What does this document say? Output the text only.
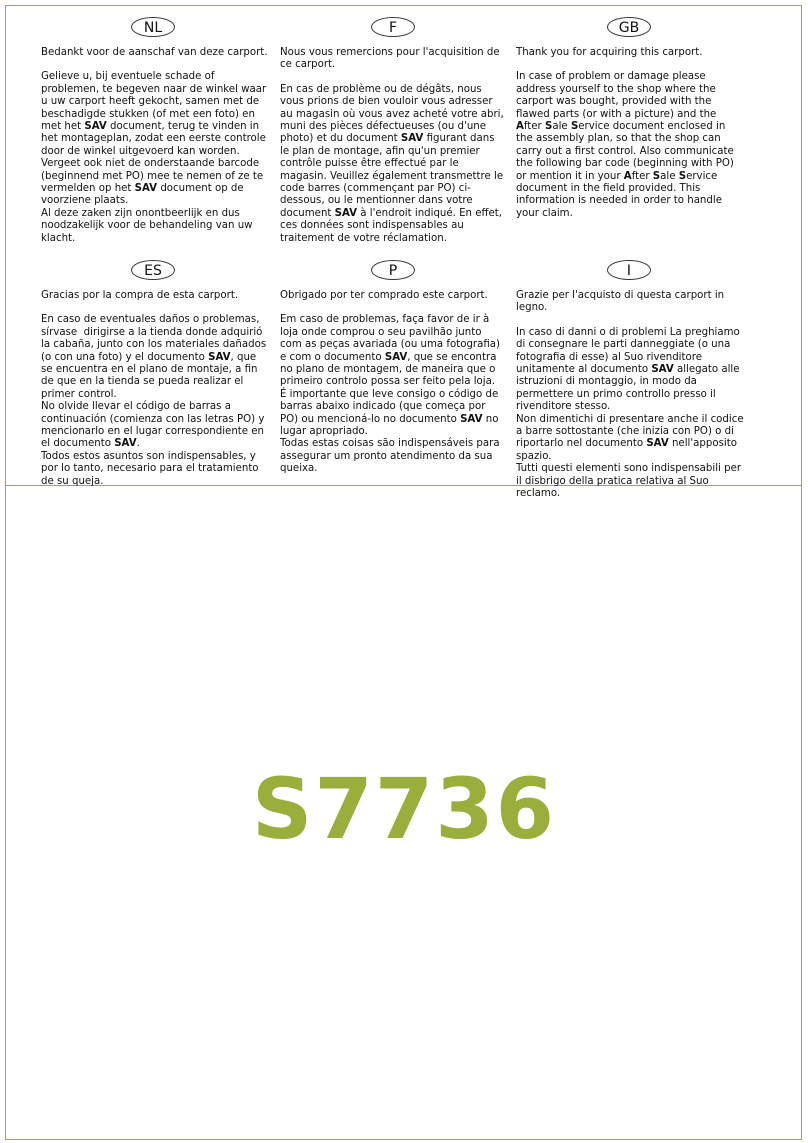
NL

Bedankt voor de aanschaf van deze carport.

Gelieve u, bij eventuele schade of problemen, te begeven naar de winkel waar u uw carport heeft gekocht, samen met de beschadigde stukken (of met een foto) en met het SAV document, terug te vinden in het montageplan, zodat een eerste controle door de winkel uitgevoerd kan worden. Vergeet ook niet de onderstaande barcode (beginnend met PO) mee te nemen of ze te vermelden op het SAV document op de voorziene plaats.
Al deze zaken zijn onontbeerlijk en dus noodzakelijk voor de behandeling van uw klacht.

F

Nous vous remercions pour l'acquisition de ce carport.

En cas de problème ou de dégâts, nous vous prions de bien vouloir vous adresser au magasin où vous avez acheté votre abri, muni des pièces défectueuses (ou d'une photo) et du document SAV figurant dans le plan de montage, afin qu'un premier contrôle puisse être effectué par le magasin. Veuillez également transmettre le code barres (commençant par PO) ci-dessous, ou le mentionner dans votre document SAV à l'endroit indiqué. En effet, ces données sont indispensables au traitement de votre réclamation.

GB

Thank you for acquiring this carport.

In case of problem or damage please address yourself to the shop where the carport was bought, provided with the flawed parts (or with a picture) and the After Sale Service document enclosed in the assembly plan, so that the shop can carry out a first control. Also communicate the following bar code (beginning with PO) or mention it in your After Sale Service document in the field provided. This information is needed in order to handle your claim.

ES

Gracias por la compra de esta carport.

En caso de eventuales daños o problemas, sírvase  dirigirse a la tienda donde adquirió la cabaña, junto con los materiales dañados (o con una foto) y el documento SAV, que se encuentra en el plano de montaje, a fin de que en la tienda se pueda realizar el primer control.
No olvide llevar el código de barras a continuación (comienza con las letras PO) y mencionarlo en el lugar correspondiente en el documento SAV.
Todos estos asuntos son indispensables, y por lo tanto, necesario para el tratamiento de su queja.

P

Obrigado por ter comprado este carport.

Em caso de problemas, faça favor de ir à loja onde comprou o seu pavilhão junto com as peças avariada (ou uma fotografia) e com o documento SAV, que se encontra no plano de montagem, de maneira que o primeiro controlo possa ser feito pela loja.
É importante que leve consigo o código de barras abaixo indicado (que começa por PO) ou mencioná-lo no documento SAV no lugar apropriado.
Todas estas coisas são indispensáveis para assegurar um pronto atendimento da sua queixa.

I

Grazie per l'acquisto di questa carport in legno.

In caso di danni o di problemi La preghiamo di consegnare le parti danneggiate (o una fotografia di esse) al Suo rivenditore unitamente al documento SAV allegato alle istruzioni di montaggio, in modo da permettere un primo controllo presso il rivenditore stesso.
Non dimentichi di presentare anche il codice a barre sottostante (che inizia con PO) o di riportarlo nel documento SAV nell'apposito spazio.
Tutti questi elementi sono indispensabili per il disbrigo della pratica relativa al Suo reclamo.

S7736
